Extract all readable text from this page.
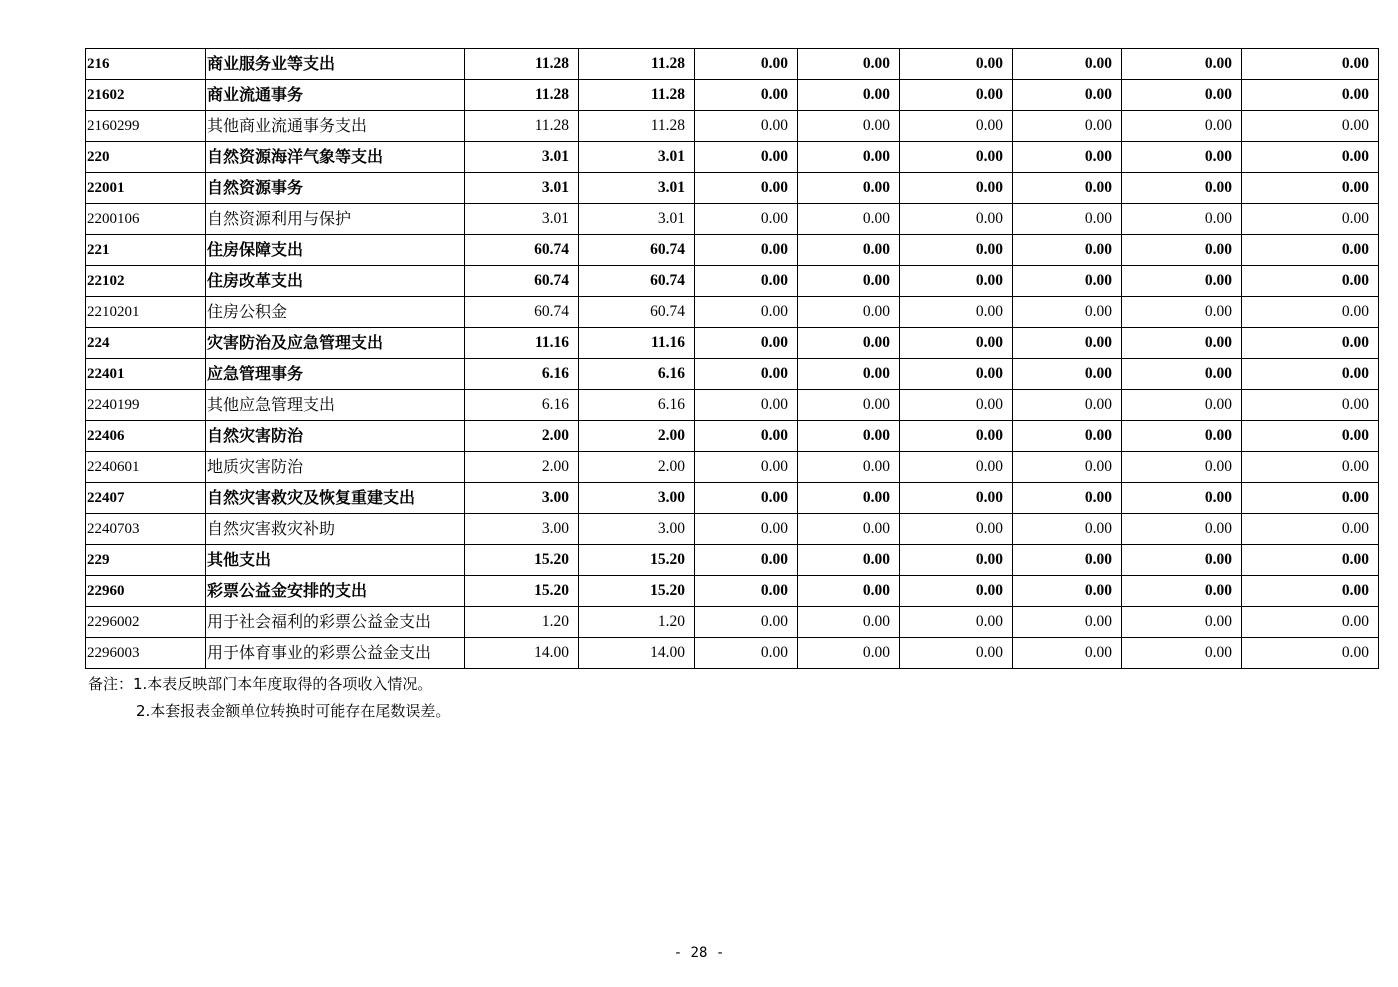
216	商业服务业等支出	11.28	11.28	0.00	0.00	0.00	0.00	0.00	0.00
21602	商业流通事务	11.28	11.28	0.00	0.00	0.00	0.00	0.00	0.00
2160299	其他商业流通事务支出	11.28	11.28	0.00	0.00	0.00	0.00	0.00	0.00
220	自然资源海洋气象等支出	3.01	3.01	0.00	0.00	0.00	0.00	0.00	0.00
22001	自然资源事务	3.01	3.01	0.00	0.00	0.00	0.00	0.00	0.00
2200106	自然资源利用与保护	3.01	3.01	0.00	0.00	0.00	0.00	0.00	0.00
221	住房保障支出	60.74	60.74	0.00	0.00	0.00	0.00	0.00	0.00
22102	住房改革支出	60.74	60.74	0.00	0.00	0.00	0.00	0.00	0.00
2210201	住房公积金	60.74	60.74	0.00	0.00	0.00	0.00	0.00	0.00
224	灾害防治及应急管理支出	11.16	11.16	0.00	0.00	0.00	0.00	0.00	0.00
22401	应急管理事务	6.16	6.16	0.00	0.00	0.00	0.00	0.00	0.00
2240199	其他应急管理支出	6.16	6.16	0.00	0.00	0.00	0.00	0.00	0.00
22406	自然灾害防治	2.00	2.00	0.00	0.00	0.00	0.00	0.00	0.00
2240601	地质灾害防治	2.00	2.00	0.00	0.00	0.00	0.00	0.00	0.00
22407	自然灾害救灾及恢复重建支出	3.00	3.00	0.00	0.00	0.00	0.00	0.00	0.00
2240703	自然灾害救灾补助	3.00	3.00	0.00	0.00	0.00	0.00	0.00	0.00
229	其他支出	15.20	15.20	0.00	0.00	0.00	0.00	0.00	0.00
22960	彩票公益金安排的支出	15.20	15.20	0.00	0.00	0.00	0.00	0.00	0.00
2296002	用于社会福利的彩票公益金支出	1.20	1.20	0.00	0.00	0.00	0.00	0.00	0.00
2296003	用于体育事业的彩票公益金支出	14.00	14.00	0.00	0.00	0.00	0.00	0.00	0.00
备注：1.本表反映部门本年度取得的各项收入情况。
2.本套报表金额单位转换时可能存在尾数误差。
- 28 -
